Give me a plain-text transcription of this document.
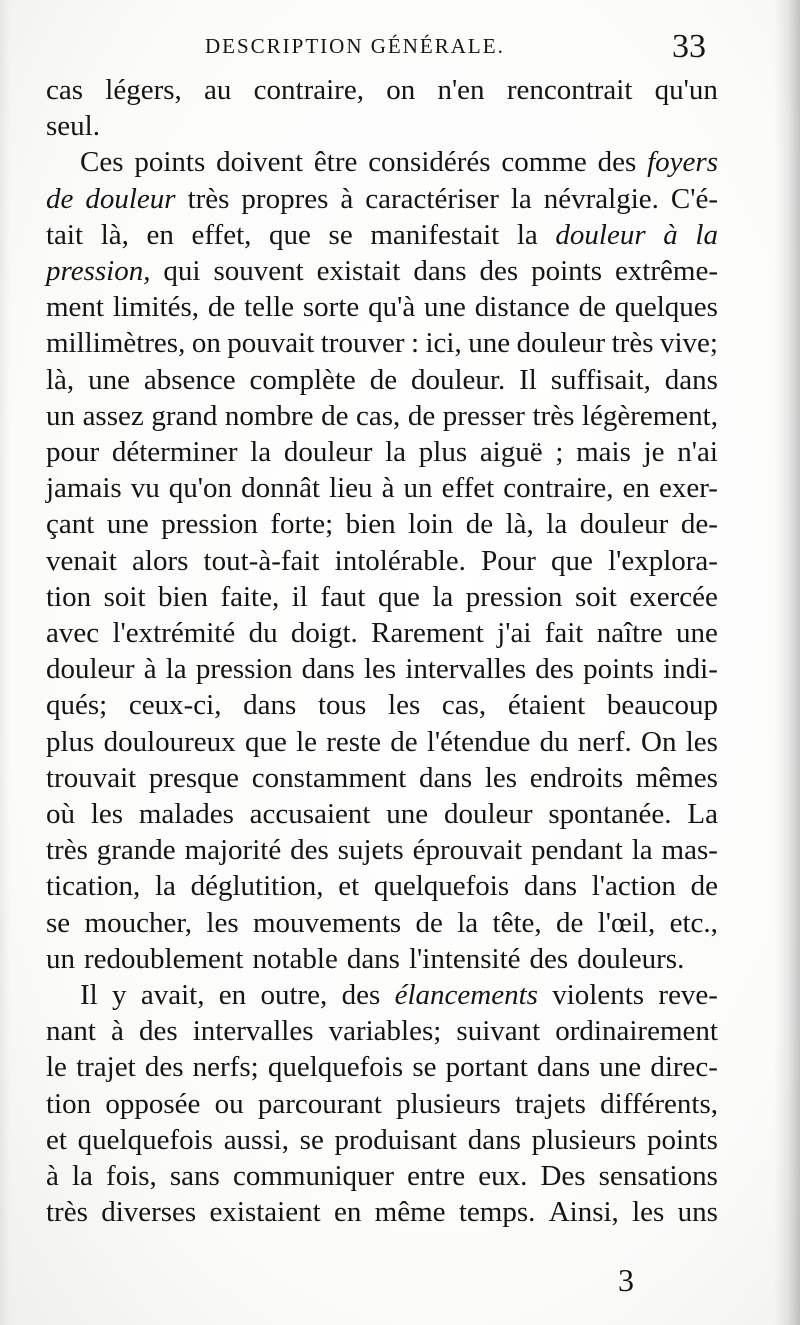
DESCRIPTION GÉNÉRALE.	33
cas légers, au contraire, on n'en rencontrait qu'un
seul.
Ces points doivent être considérés comme des foyers
de douleur très propres à caractériser la névralgie. C'é-
tait là, en effet, que se manifestait la douleur à la
pression, qui souvent existait dans des points extrême-
ment limités, de telle sorte qu'à une distance de quelques
millimètres, on pouvait trouver : ici, une douleur très vive;
là, une absence complète de douleur. Il suffisait, dans
un assez grand nombre de cas, de presser très légèrement,
pour déterminer la douleur la plus aiguë ; mais je n'ai
jamais vu qu'on donnât lieu à un effet contraire, en exer-
çant une pression forte; bien loin de là, la douleur de-
venait alors tout-à-fait intolérable. Pour que l'explora-
tion soit bien faite, il faut que la pression soit exercée
avec l'extrémité du doigt. Rarement j'ai fait naître une
douleur à la pression dans les intervalles des points indi-
qués; ceux-ci, dans tous les cas, étaient beaucoup
plus douloureux que le reste de l'étendue du nerf. On les
trouvait presque constamment dans les endroits mêmes
où les malades accusaient une douleur spontanée. La
très grande majorité des sujets éprouvait pendant la mas-
tication, la déglutition, et quelquefois dans l'action de
se moucher, les mouvements de la tête, de l'œil, etc.,
un redoublement notable dans l'intensité des douleurs.
Il y avait, en outre, des élancements violents reve-
nant à des intervalles variables; suivant ordinairement
le trajet des nerfs; quelquefois se portant dans une direc-
tion opposée ou parcourant plusieurs trajets différents,
et quelquefois aussi, se produisant dans plusieurs points
à la fois, sans communiquer entre eux. Des sensations
très diverses existaient en même temps. Ainsi, les uns
3
